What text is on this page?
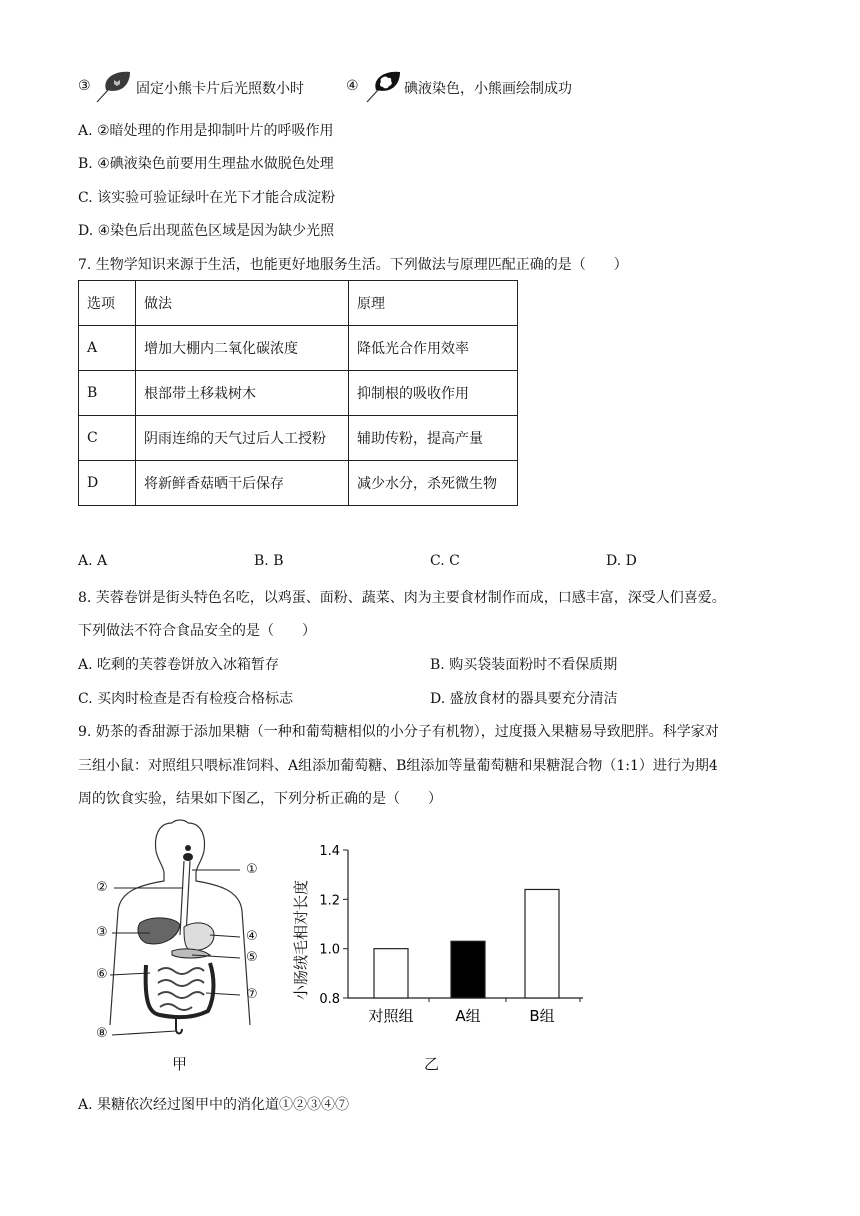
③	固定小熊卡片后光照数小时	④	碘液染色，小熊画绘制成功
A. ②暗处理的作用是抑制叶片的呼吸作用
B. ④碘液染色前要用生理盐水做脱色处理
C. 该实验可验证绿叶在光下才能合成淀粉
D. ④染色后出现蓝色区域是因为缺少光照
7. 生物学知识来源于生活，也能更好地服务生活。下列做法与原理匹配正确的是（　　）
选项	做法	原理
A	增加大棚内二氧化碳浓度	降低光合作用效率
B	根部带土移栽树木	抑制根的吸收作用
C	阴雨连绵的天气过后人工授粉	辅助传粉，提高产量
D	将新鲜香菇晒干后保存	减少水分，杀死微生物
A. A	B. B	C. C	D. D
8. 芙蓉卷饼是街头特色名吃，以鸡蛋、面粉、蔬菜、肉为主要食材制作而成，口感丰富，深受人们喜爱。
下列做法不符合食品安全的是（　　）
A. 吃剩的芙蓉卷饼放入冰箱暂存	B. 购买袋装面粉时不看保质期
C. 买肉时检查是否有检疫合格标志	D. 盛放食材的器具要充分清洁
9. 奶茶的香甜源于添加果糖（一种和葡萄糖相似的小分子有机物），过度摄入果糖易导致肥胖。科学家对
三组小鼠：对照组只喂标准饲料、A组添加葡萄糖、B组添加等量葡萄糖和果糖混合物（1:1）进行为期4
周的饮食实验，结果如下图乙，下列分析正确的是（　　）
①
②
③	④
⑤
⑥
⑦
⑧
甲
小肠绒毛相对长度
1.4
1.2
1.0
0.8
对照组	A组	B组
乙
A. 果糖依次经过图甲中的消化道①②③④⑦
